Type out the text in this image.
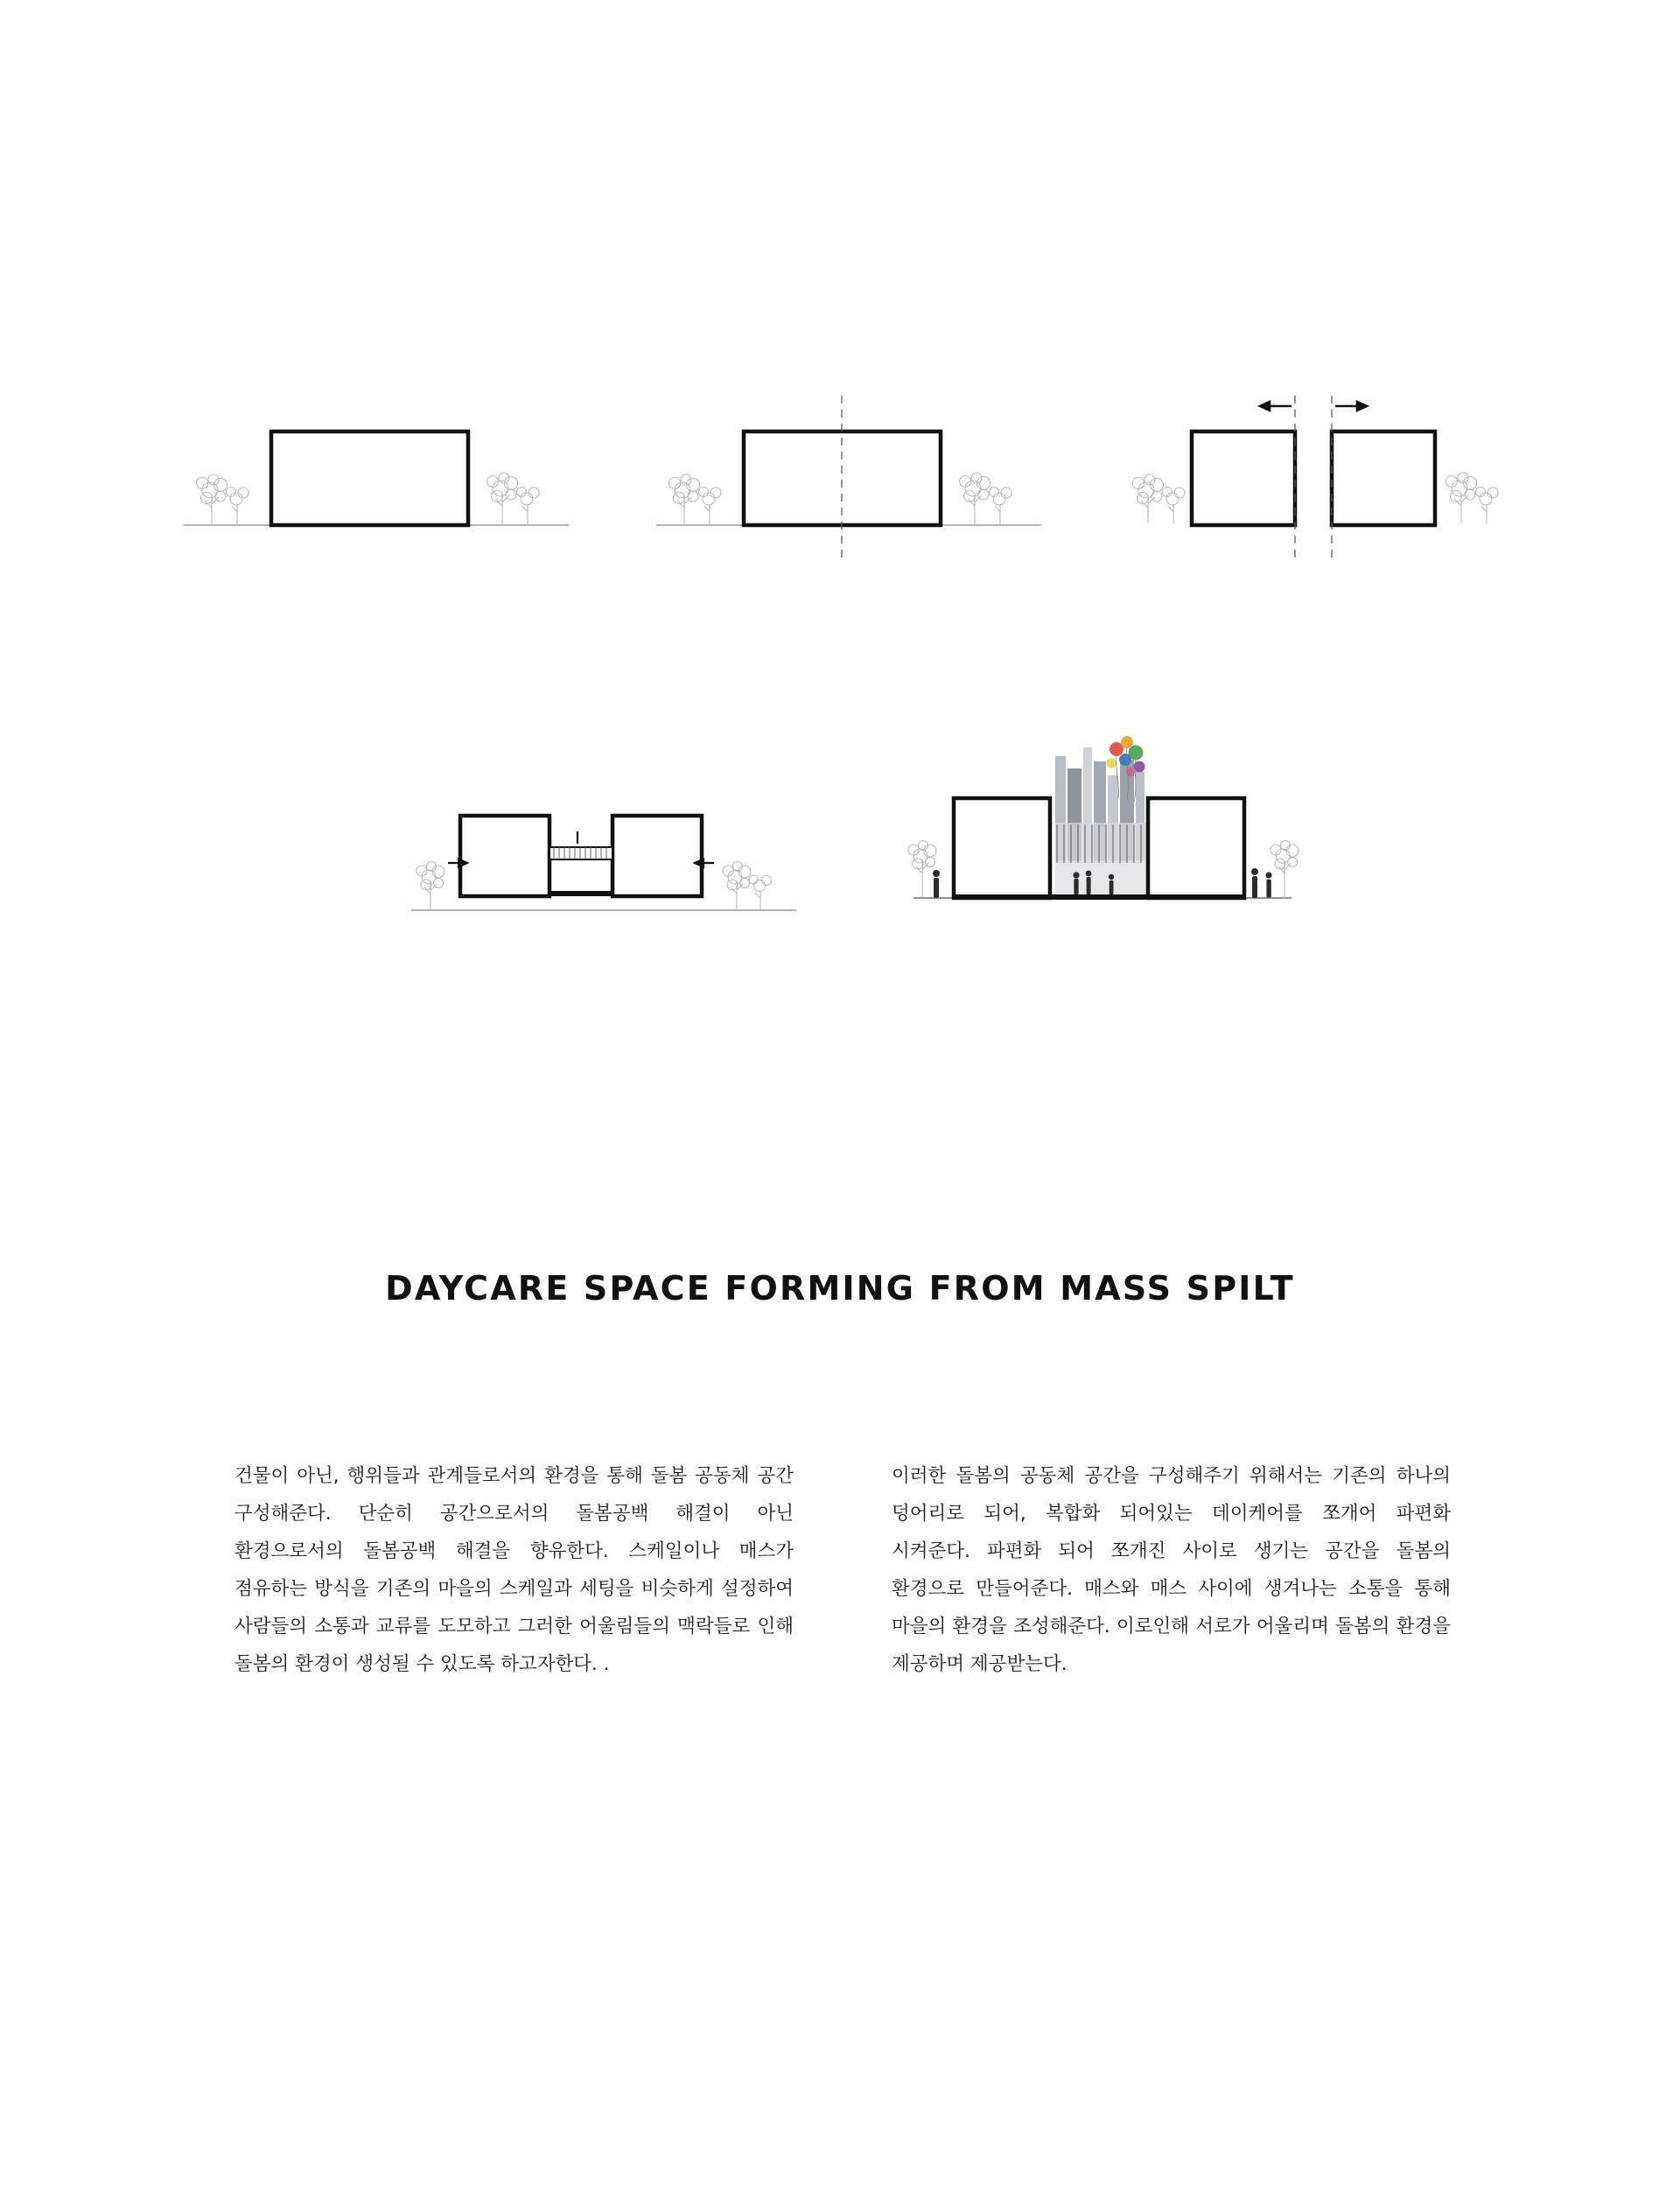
DAYCARE SPACE FORMING FROM MASS SPILT

건물이 아닌, 행위들과 관계들로서의 환경을 통해 돌봄 공동체 공간 구성해준다. 단순히 공간으로서의 돌봄공백 해결이 아닌 환경으로서의 돌봄공백 해결을 향유한다. 스케일이나 매스가 점유하는 방식을 기존의 마을의 스케일과 세팅을 비슷하게 설정하여 사람들의 소통과 교류를 도모하고 그러한 어울림들의 맥락들로 인해 돌봄의 환경이 생성될 수 있도록 하고자한다. .

이러한 돌봄의 공동체 공간을 구성해주기 위해서는 기존의 하나의 덩어리로 되어, 복합화 되어있는 데이케어를 쪼개어 파편화 시켜준다. 파편화 되어 쪼개진 사이로 생기는 공간을 돌봄의 환경으로 만들어준다. 매스와 매스 사이에 생겨나는 소통을 통해 마을의 환경을 조성해준다. 이로인해 서로가 어울리며 돌봄의 환경을 제공하며 제공받는다.
